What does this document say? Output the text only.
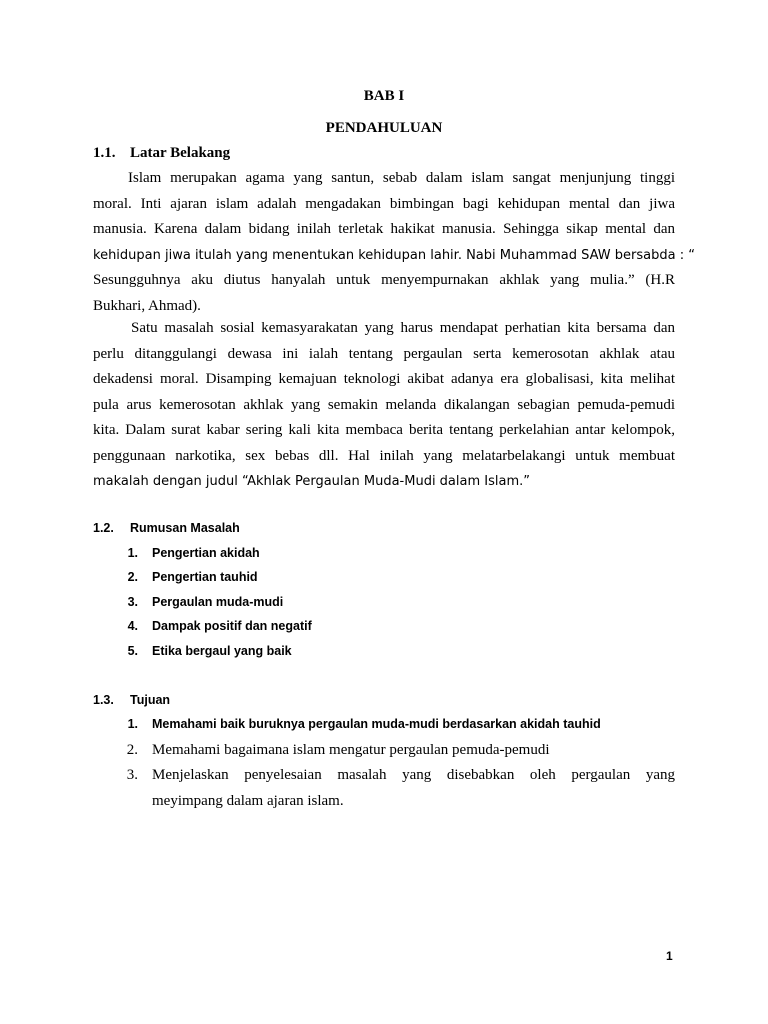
BAB I
PENDAHULUAN
1.1. Latar Belakang
Islam merupakan agama yang santun, sebab dalam islam sangat menjunjung tinggi
moral. Inti ajaran islam adalah mengadakan bimbingan bagi kehidupan mental dan jiwa
manusia. Karena dalam bidang inilah terletak hakikat manusia. Sehingga sikap mental dan
kehidupan jiwa itulah yang menentukan kehidupan lahir. Nabi Muhammad SAW bersabda : “
Sesungguhnya aku diutus hanyalah untuk menyempurnakan akhlak yang mulia.” (H.R
Bukhari, Ahmad).
Satu masalah sosial kemasyarakatan yang harus mendapat perhatian kita bersama dan
perlu ditanggulangi dewasa ini ialah tentang pergaulan serta kemerosotan akhlak atau
dekadensi moral. Disamping kemajuan teknologi akibat adanya era globalisasi, kita melihat
pula arus kemerosotan akhlak yang semakin melanda dikalangan sebagian pemuda-pemudi
kita. Dalam surat kabar sering kali kita membaca berita tentang perkelahian antar kelompok,
penggunaan narkotika, sex bebas dll. Hal inilah yang melatarbelakangi untuk membuat
makalah dengan judul “Akhlak Pergaulan Muda-Mudi dalam Islam.”
1.2. Rumusan Masalah
1. Pengertian akidah
2. Pengertian tauhid
3. Pergaulan muda-mudi
4. Dampak positif dan negatif
5. Etika bergaul yang baik
1.3. Tujuan
1. Memahami baik buruknya pergaulan muda-mudi berdasarkan akidah tauhid
2. Memahami bagaimana islam mengatur pergaulan pemuda-pemudi
3. Menjelaskan penyelesaian masalah yang disebabkan oleh pergaulan yang
meyimpang dalam ajaran islam.
1
